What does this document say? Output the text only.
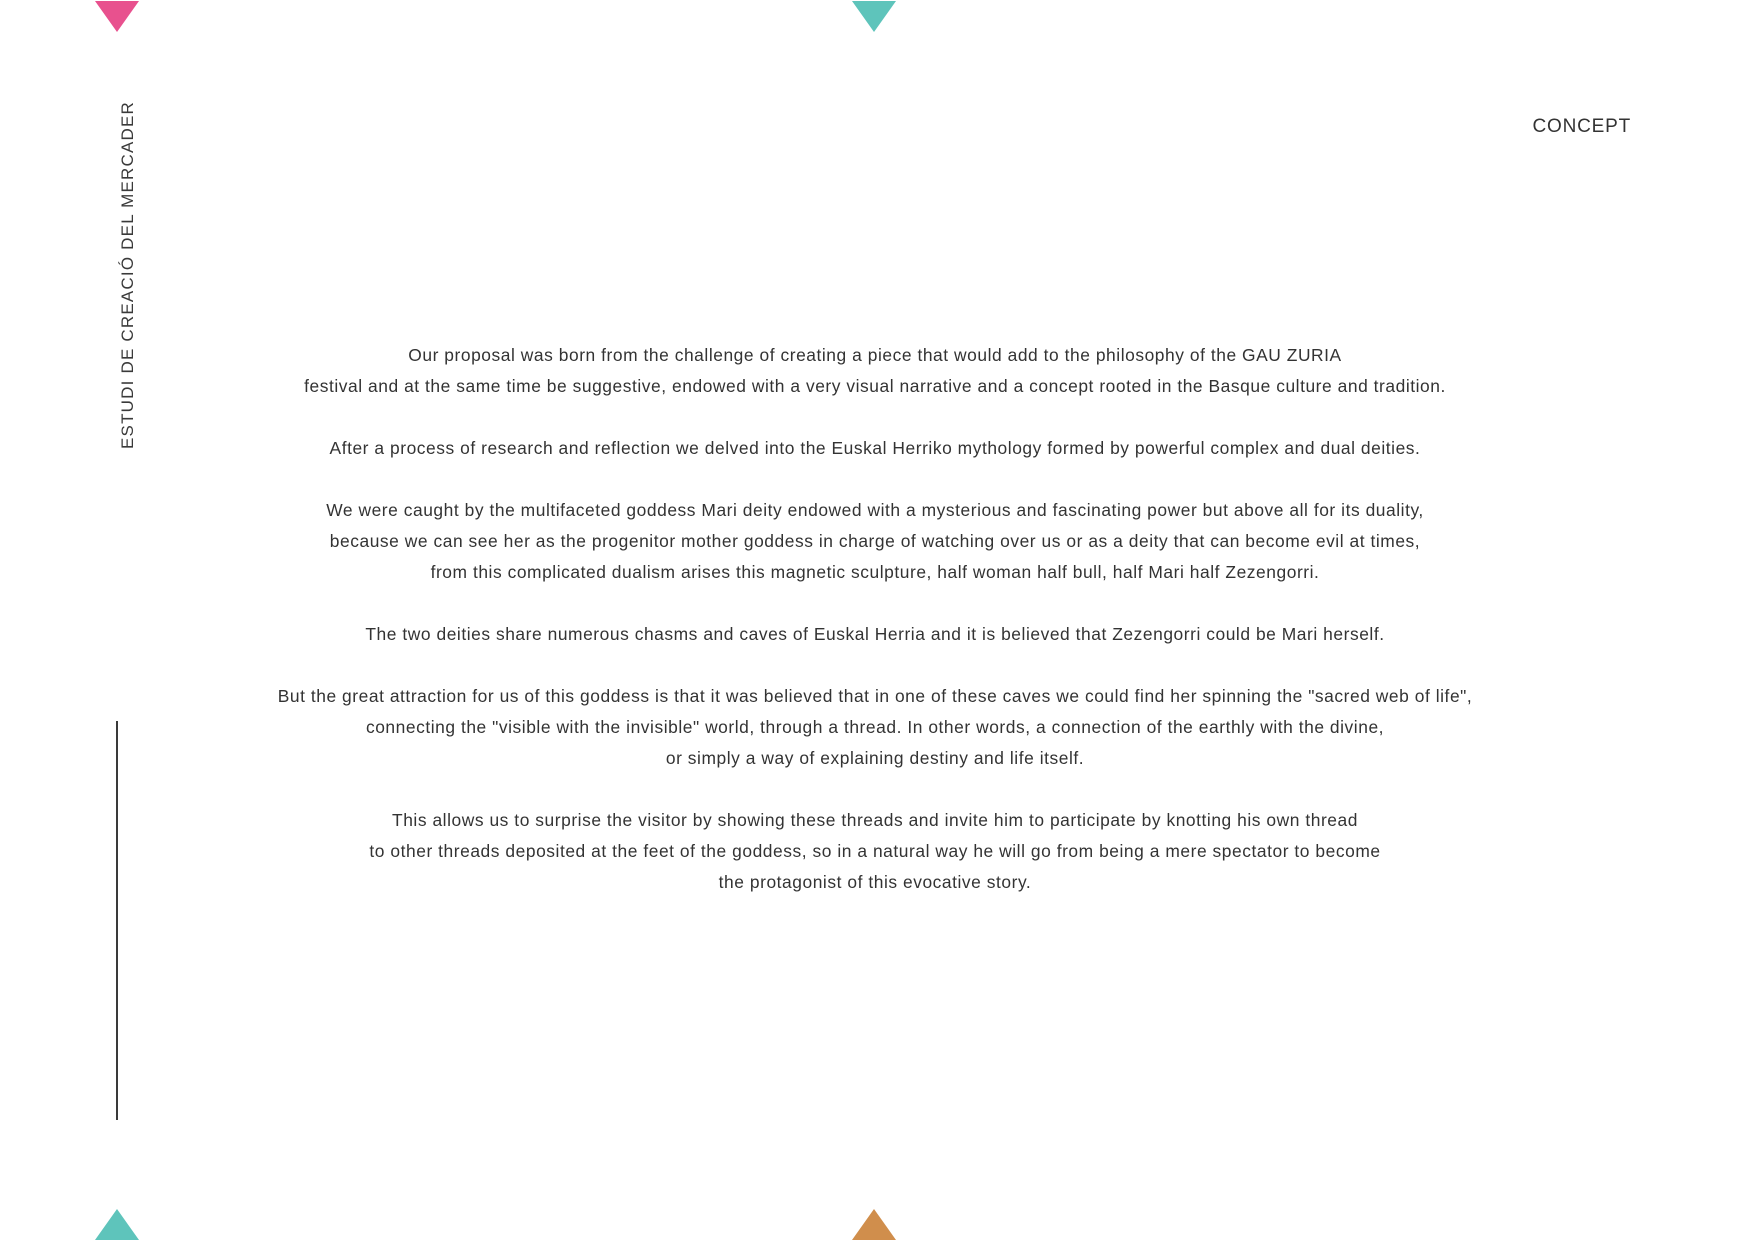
ESTUDI DE CREACIÓ DEL MERCADER	CONCEPT

Our proposal was born from the challenge of creating a piece that would add to the philosophy of the GAU ZURIA
festival and at the same time be suggestive, endowed with a very visual narrative and a concept rooted in the Basque culture and tradition.

After a process of research and reflection we delved into the Euskal Herriko mythology formed by powerful complex and dual deities.

We were caught by the multifaceted goddess Mari deity endowed with a mysterious and fascinating power but above all for its duality,
because we can see her as the progenitor mother goddess in charge of watching over us or as a deity that can become evil at times,
from this complicated dualism arises this magnetic sculpture, half woman half bull, half Mari half Zezengorri.

The two deities share numerous chasms and caves of Euskal Herria and it is believed that Zezengorri could be Mari herself.

But the great attraction for us of this goddess is that it was believed that in one of these caves we could find her spinning the "sacred web of life",
connecting the "visible with the invisible" world, through a thread. In other words, a connection of the earthly with the divine,
or simply a way of explaining destiny and life itself.

This allows us to surprise the visitor by showing these threads and invite him to participate by knotting his own thread
to other threads deposited at the feet of the goddess, so in a natural way he will go from being a mere spectator to become
the protagonist of this evocative story.
